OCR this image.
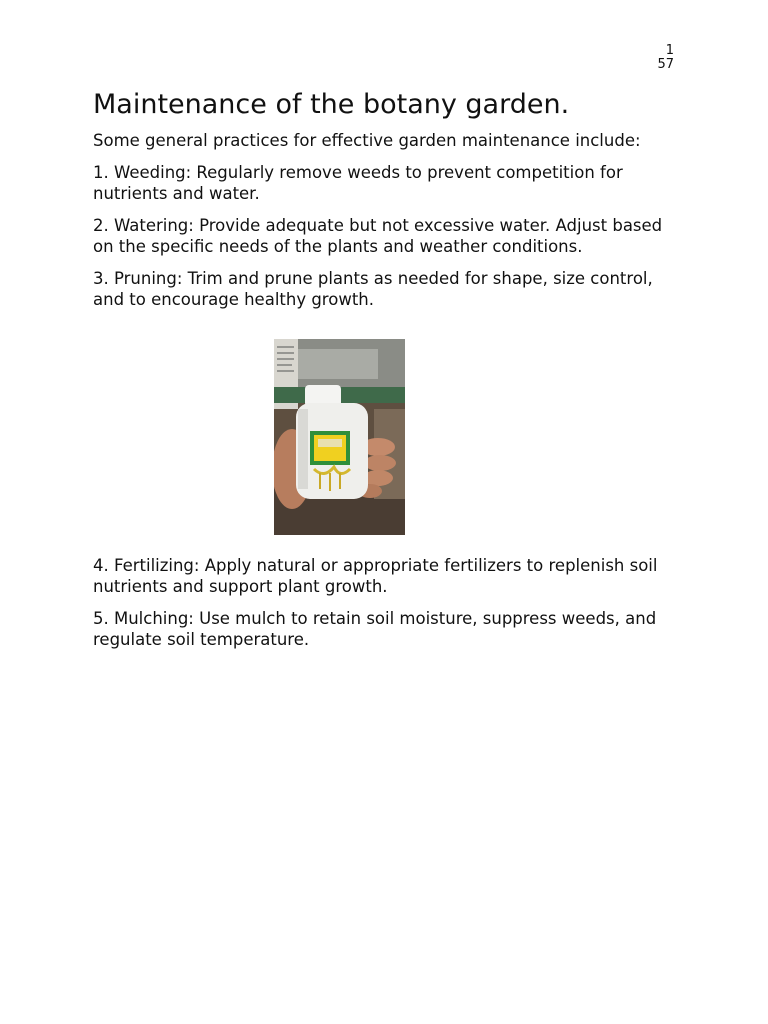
1
57
Maintenance of the botany garden.

Some general practices for effective garden maintenance include:

1. Weeding: Regularly remove weeds to prevent competition for nutrients and water.

2. Watering: Provide adequate but not excessive water. Adjust based on the specific needs of the plants and weather conditions.

3. Pruning: Trim and prune plants as needed for shape, size control, and to encourage healthy growth.

4. Fertilizing: Apply natural or appropriate fertilizers to replenish soil nutrients and support plant growth.

5. Mulching: Use mulch to retain soil moisture, suppress weeds, and regulate soil temperature.
